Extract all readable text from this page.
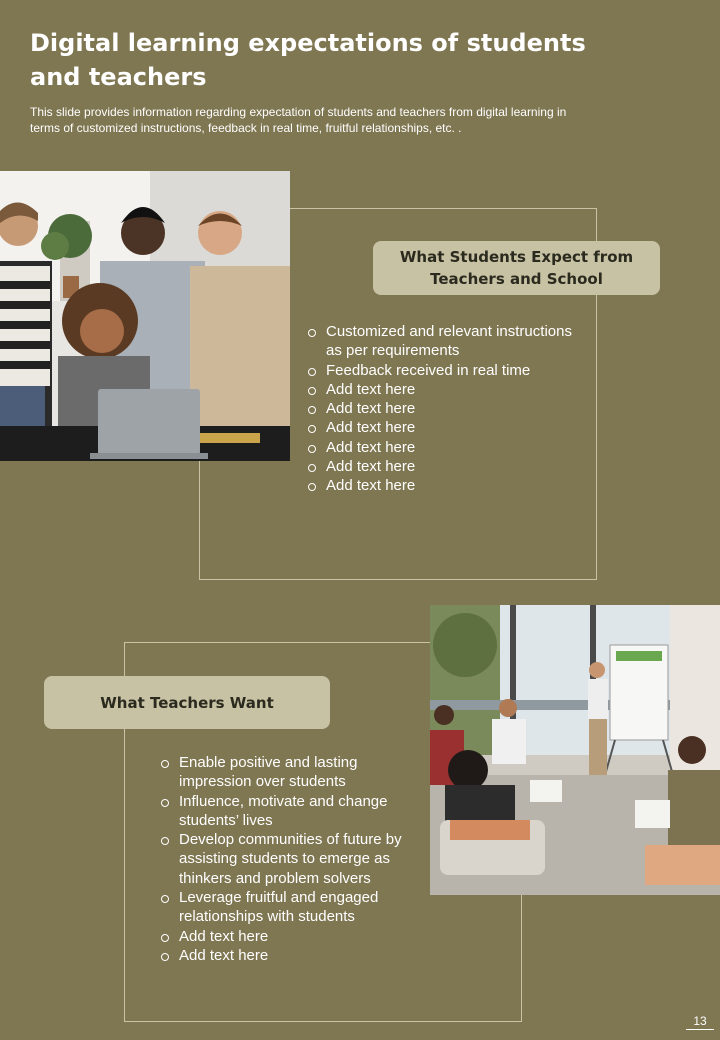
Digital learning expectations of students and teachers

This slide provides information regarding expectation of students and teachers from digital learning in terms of customized instructions, feedback in real time, fruitful relationships, etc. .

What Students Expect from Teachers and School
What Teachers Want
Customized and relevant instructions as per requirements
Feedback received in real time
Add text here
Add text here
Add text here
Add text here
Add text here
Add text here
Enable positive and lasting impression over students
Influence, motivate and change students’ lives
Develop communities of future by assisting students to emerge as thinkers and problem solvers
Leverage fruitful and engaged relationships with students
Add text here
Add text here
13
